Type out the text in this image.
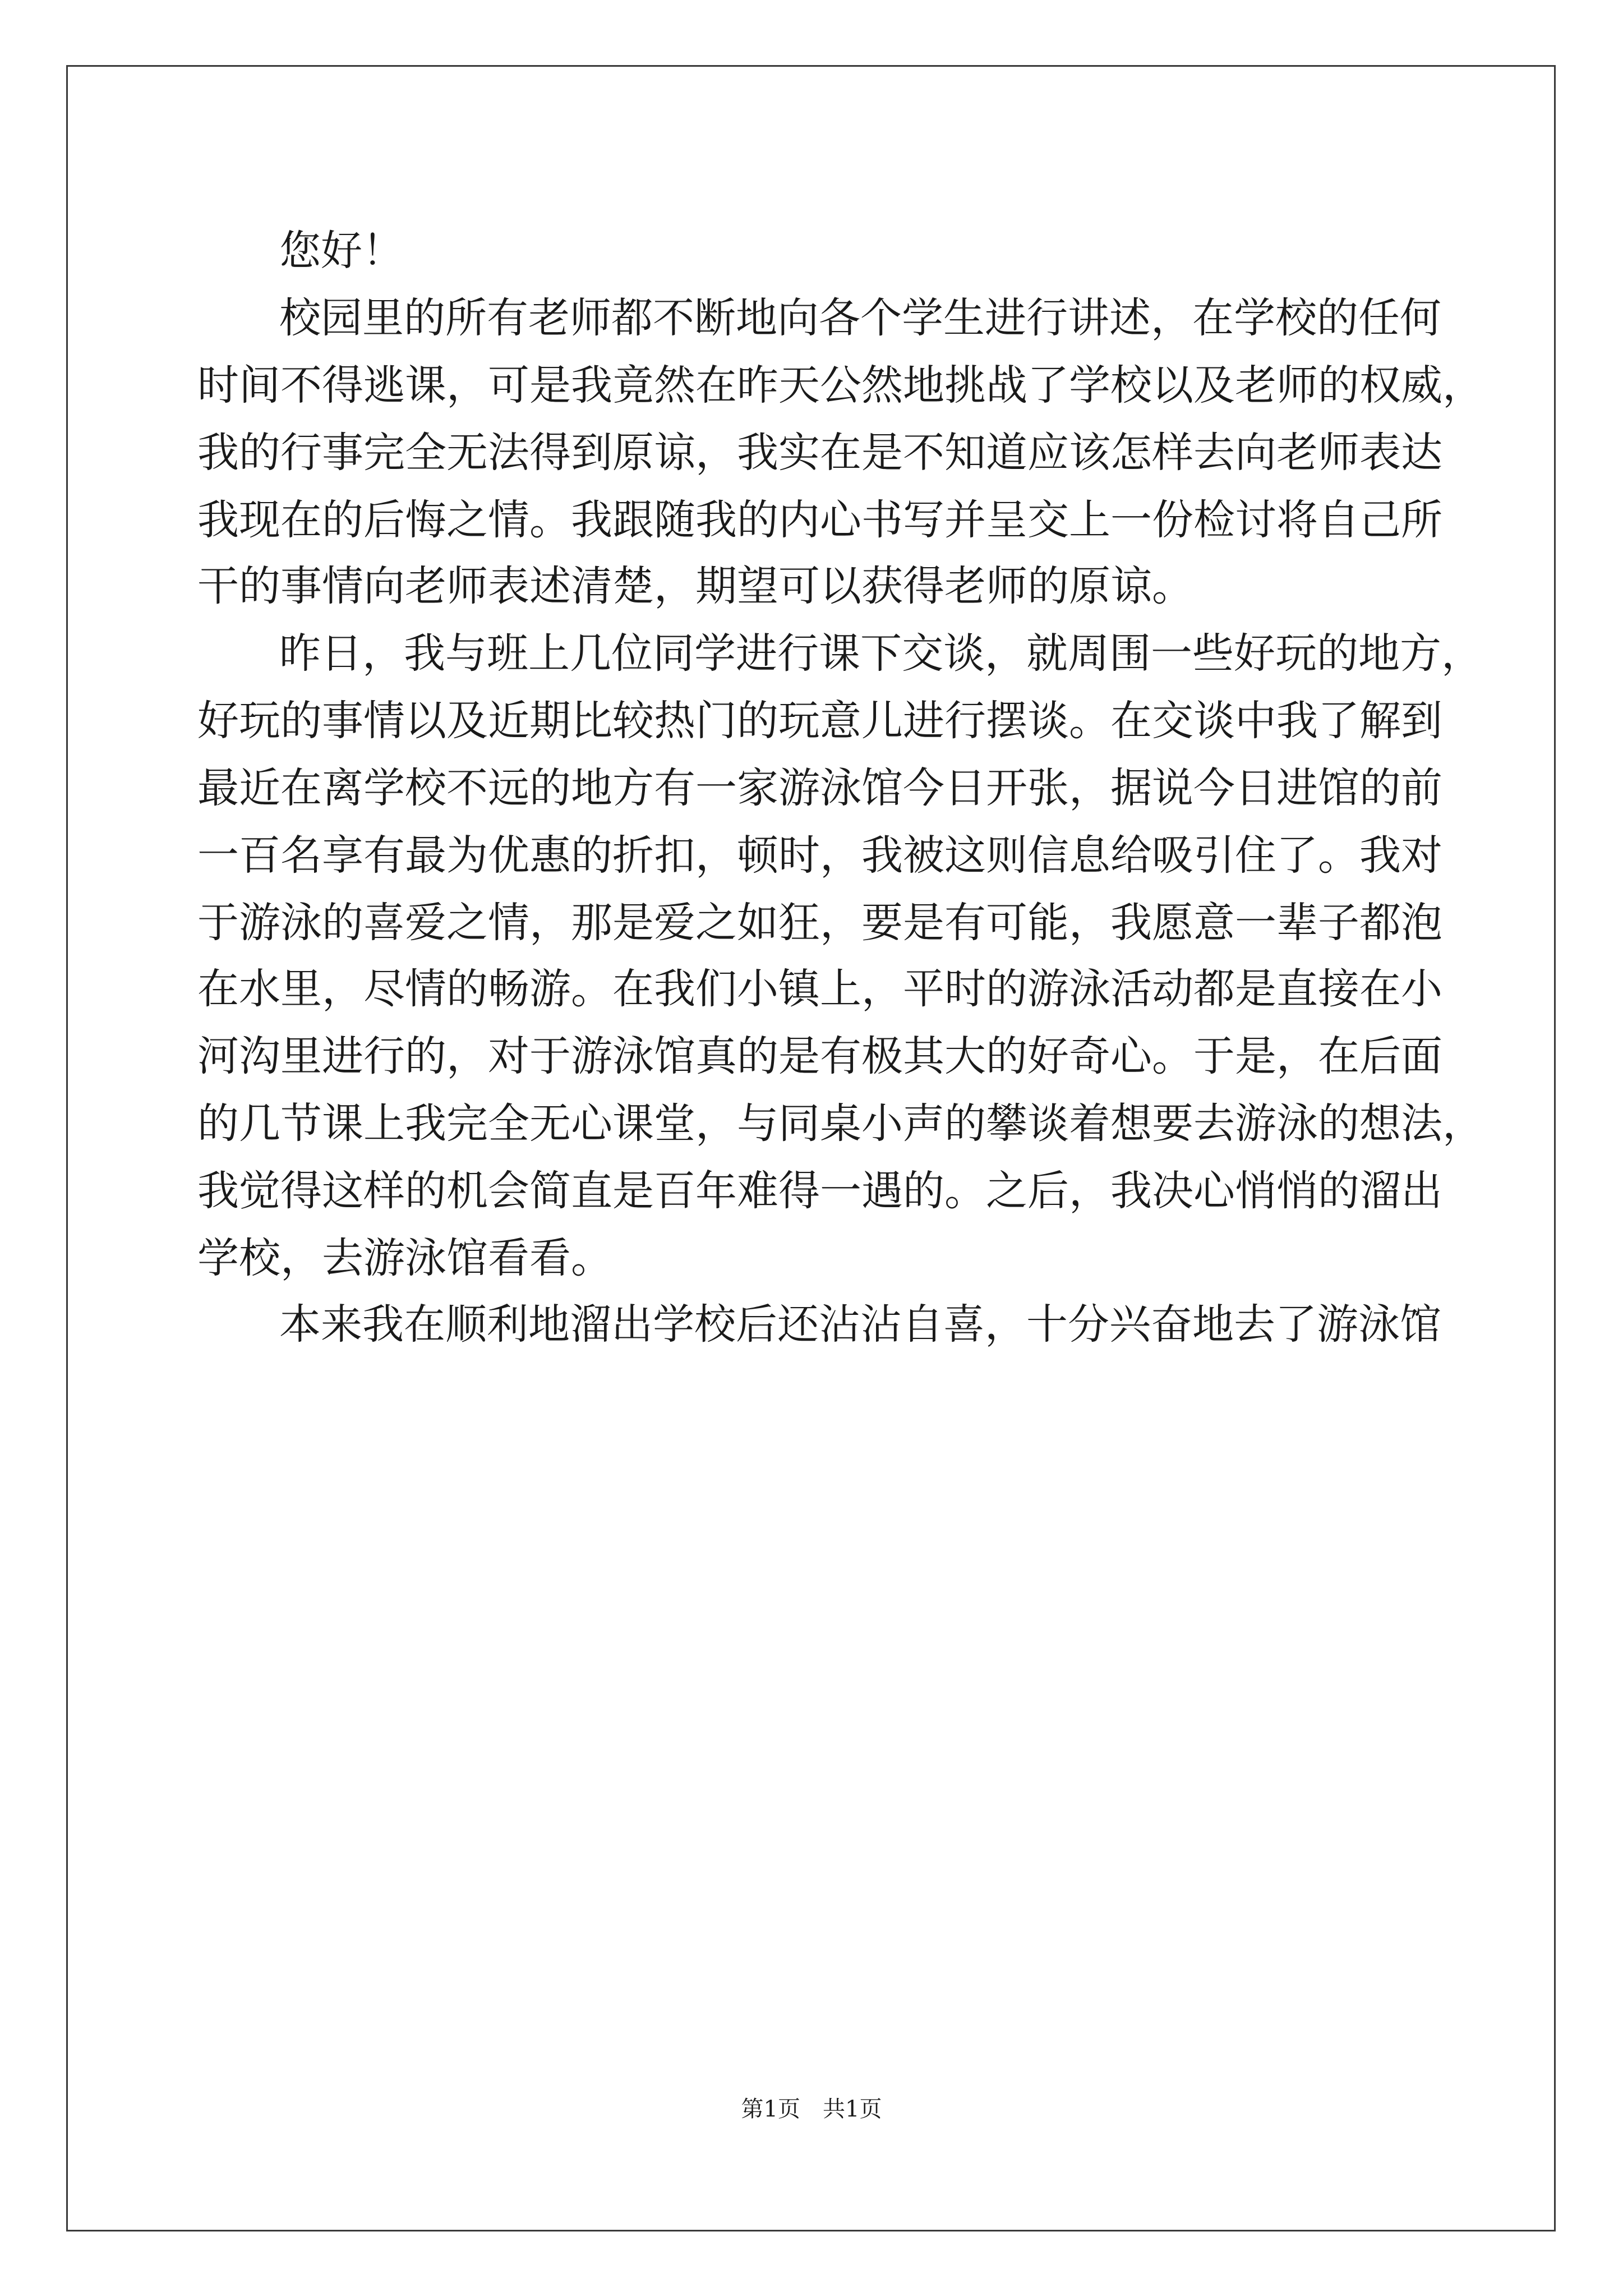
您好！
校园里的所有老师都不断地向各个学生进行讲述，在学校的任何
时间不得逃课，可是我竟然在昨天公然地挑战了学校以及老师的权威，
我的行事完全无法得到原谅，我实在是不知道应该怎样去向老师表达
我现在的后悔之情。我跟随我的内心书写并呈交上一份检讨将自己所
干的事情向老师表述清楚，期望可以获得老师的原谅。
昨日，我与班上几位同学进行课下交谈，就周围一些好玩的地方，
好玩的事情以及近期比较热门的玩意儿进行摆谈。在交谈中我了解到
最近在离学校不远的地方有一家游泳馆今日开张，据说今日进馆的前
一百名享有最为优惠的折扣，顿时，我被这则信息给吸引住了。我对
于游泳的喜爱之情，那是爱之如狂，要是有可能，我愿意一辈子都泡
在水里，尽情的畅游。在我们小镇上，平时的游泳活动都是直接在小
河沟里进行的，对于游泳馆真的是有极其大的好奇心。于是，在后面
的几节课上我完全无心课堂，与同桌小声的攀谈着想要去游泳的想法，
我觉得这样的机会简直是百年难得一遇的。之后，我决心悄悄的溜出
学校，去游泳馆看看。
本来我在顺利地溜出学校后还沾沾自喜，十分兴奋地去了游泳馆
第1页 共1页
